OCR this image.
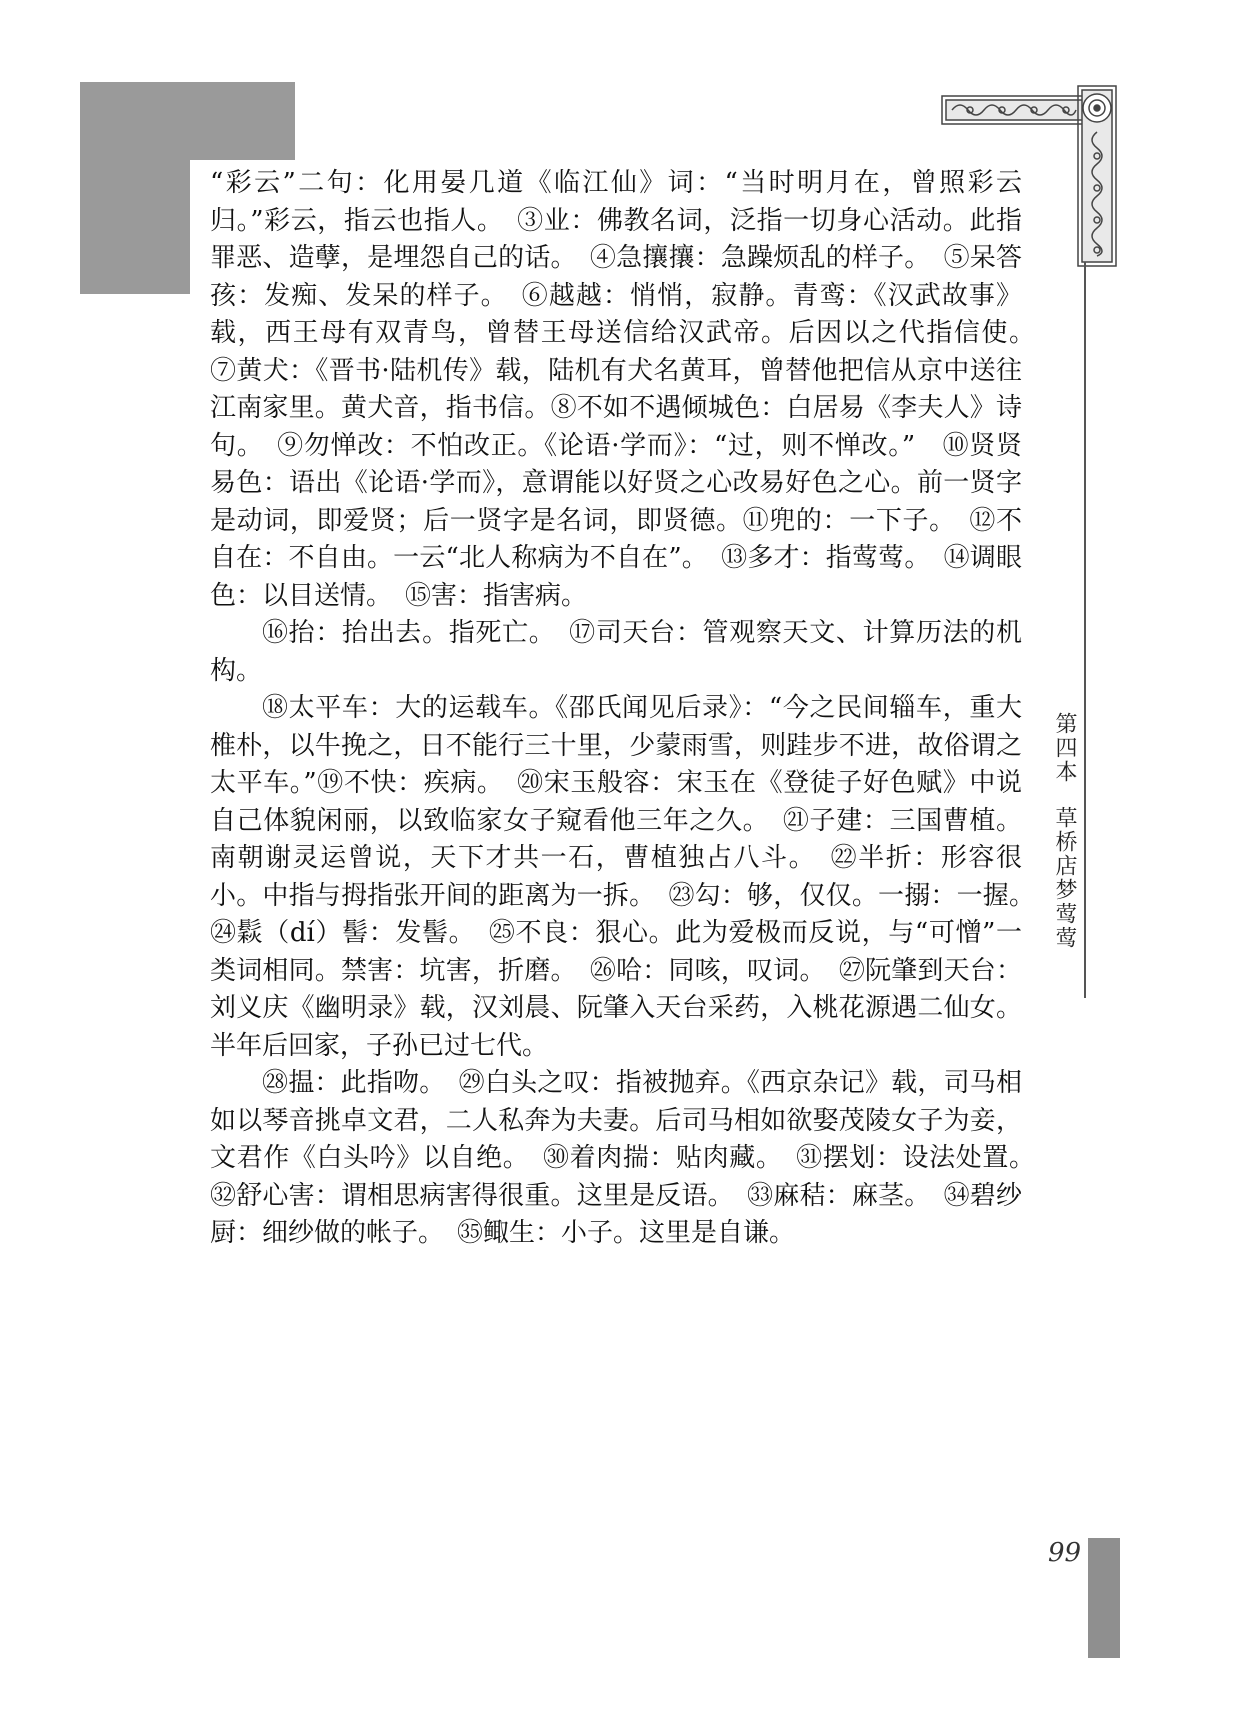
第四本草桥店梦莺莺

“彩云”二句：化用晏几道《临江仙》词：“当时明月在，曾照彩云归。”彩云，指云也指人。　③业：佛教名词，泛指一切身心活动。此指罪恶、造孽，是埋怨自己的话。　④急攘攘：急躁烦乱的样子。　⑤呆答孩：发痴、发呆的样子。　⑥越越：悄悄，寂静。青鸾：《汉武故事》载，西王母有双青鸟，曾替王母送信给汉武帝。后因以之代指信使。　⑦黄犬：《晋书·陆机传》载，陆机有犬名黄耳，曾替他把信从京中送往江南家里。黄犬音，指书信。⑧不如不遇倾城色：白居易《李夫人》诗句。　⑨勿惮改：不怕改正。《论语·学而》：“过，则不惮改。”　⑩贤贤易色：语出《论语·学而》，意谓能以好贤之心改易好色之心。前一贤字是动词，即爱贤；后一贤字是名词，即贤德。⑪兜的：一下子。　⑫不自在：不自由。一云“北人称病为不自在”。　⑬多才：指莺莺。　⑭调眼色：以目送情。　⑮害：指害病。

⑯抬：抬出去。指死亡。　⑰司天台：管观察天文、计算历法的机构。

⑱太平车：大的运载车。《邵氏闻见后录》：“今之民间辎车，重大椎朴，以牛挽之，日不能行三十里，少蒙雨雪，则跬步不进，故俗谓之太平车。”⑲不快：疾病。　⑳宋玉般容：宋玉在《登徒子好色赋》中说自己体貌闲丽，以致临家女子窥看他三年之久。　㉑子建：三国曹植。南朝谢灵运曾说，天下才共一石，曹植独占八斗。　㉒半折：形容很小。中指与拇指张开间的距离为一拆。　㉓勾：够，仅仅。一搦：一握。　㉔鬏（dí）髻：发髻。　㉕不良：狠心。此为爱极而反说，与“可憎”一类词相同。禁害：坑害，折磨。　㉖哈：同咳，叹词。　㉗阮肇到天台：刘义庆《幽明录》载，汉刘晨、阮肇入天台采药，入桃花源遇二仙女。半年后回家，子孙已过七代。

㉘揾：此指吻。　㉙白头之叹：指被抛弃。《西京杂记》载，司马相如以琴音挑卓文君，二人私奔为夫妻。后司马相如欲娶茂陵女子为妾，文君作《白头吟》以自绝。　㉚着肉揣：贴肉藏。　㉛摆划：设法处置。　㉜舒心害：谓相思病害得很重。这里是反语。　㉝麻秸：麻茎。　㉞碧纱厨：细纱做的帐子。　㉟鲰生：小子。这里是自谦。

99
